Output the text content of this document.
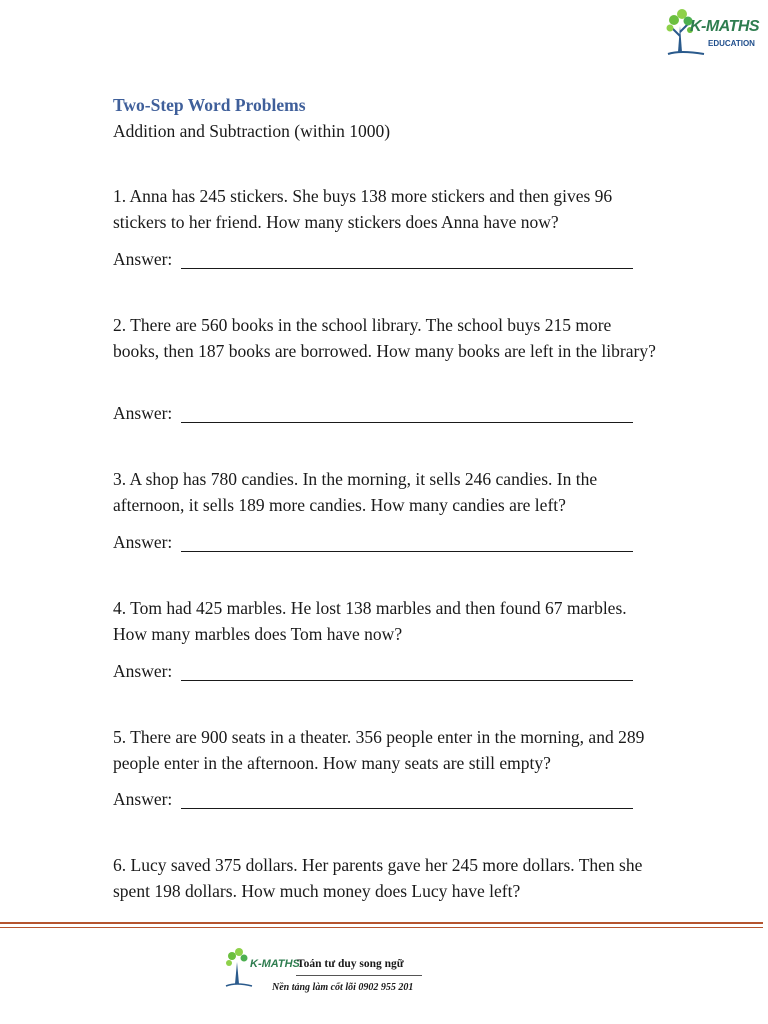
K-MATHS
EDUCATION
Two-Step Word Problems
Addition and Subtraction (within 1000)
1. Anna has 245 stickers. She buys 138 more stickers and then gives 96 stickers to her friend. How many stickers does Anna have now?
Answer:
2. There are 560 books in the school library. The school buys 215 more books, then 187 books are borrowed. How many books are left in the library?
Answer:
3. A shop has 780 candies. In the morning, it sells 246 candies. In the afternoon, it sells 189 more candies. How many candies are left?
Answer:
4. Tom had 425 marbles. He lost 138 marbles and then found 67 marbles. How many marbles does Tom have now?
Answer:
5. There are 900 seats in a theater. 356 people enter in the morning, and 289 people enter in the afternoon. How many seats are still empty?
Answer:
6. Lucy saved 375 dollars. Her parents gave her 245 more dollars. Then she spent 198 dollars. How much money does Lucy have left?
K-MATHS
Toán tư duy song ngữ
Nền tảng làm cốt lõi 0902 955 201
